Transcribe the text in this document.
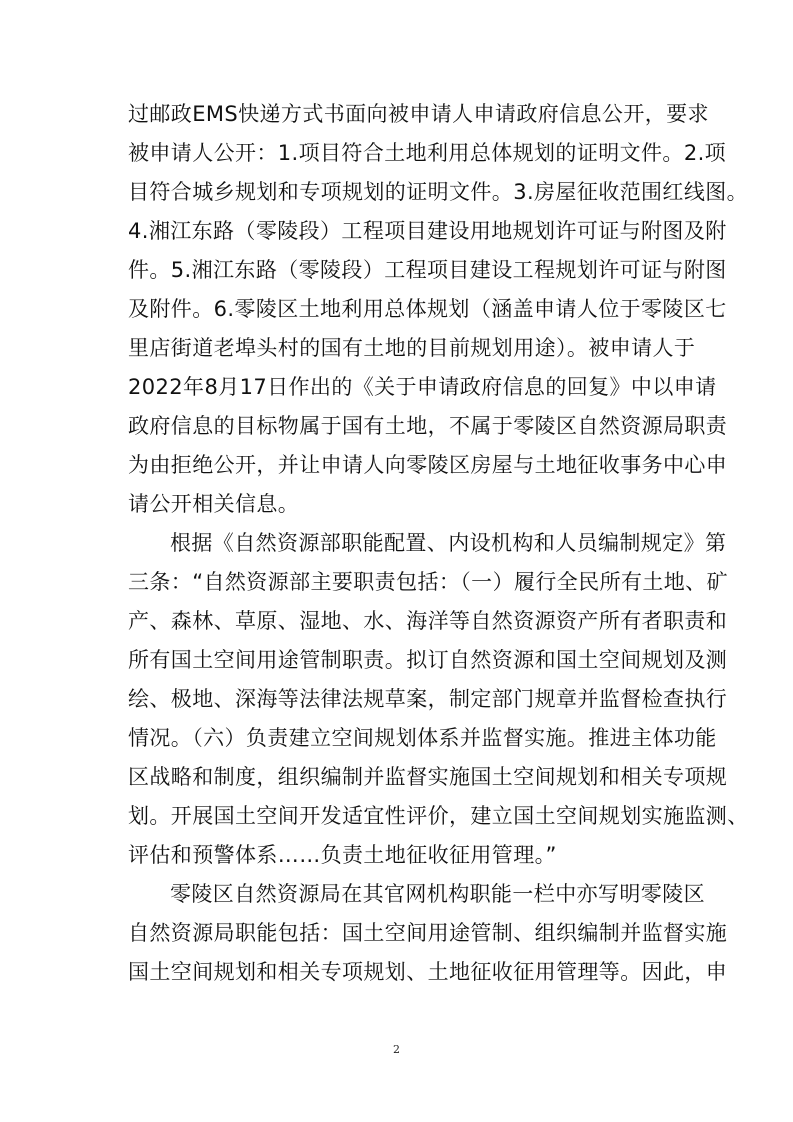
过邮政EMS快递方式书面向被申请人申请政府信息公开，要求
被申请人公开：1.项目符合土地利用总体规划的证明文件。2.项
目符合城乡规划和专项规划的证明文件。3.房屋征收范围红线图。
4.湘江东路（零陵段）工程项目建设用地规划许可证与附图及附
件。5.湘江东路（零陵段）工程项目建设工程规划许可证与附图
及附件。6.零陵区土地利用总体规划（涵盖申请人位于零陵区七
里店街道老埠头村的国有土地的目前规划用途）。被申请人于
2022年8月17日作出的《关于申请政府信息的回复》中以申请
政府信息的目标物属于国有土地，不属于零陵区自然资源局职责
为由拒绝公开，并让申请人向零陵区房屋与土地征收事务中心申
请公开相关信息。
根据《自然资源部职能配置、内设机构和人员编制规定》第
三条：“自然资源部主要职责包括：（一）履行全民所有土地、矿
产、森林、草原、湿地、水、海洋等自然资源资产所有者职责和
所有国土空间用途管制职责。拟订自然资源和国土空间规划及测
绘、极地、深海等法律法规草案，制定部门规章并监督检查执行
情况。（六）负责建立空间规划体系并监督实施。推进主体功能
区战略和制度，组织编制并监督实施国土空间规划和相关专项规
划。开展国土空间开发适宜性评价，建立国土空间规划实施监测、
评估和预警体系……负责土地征收征用管理。”
零陵区自然资源局在其官网机构职能一栏中亦写明零陵区
自然资源局职能包括：国土空间用途管制、组织编制并监督实施
国土空间规划和相关专项规划、土地征收征用管理等。因此，申
2
